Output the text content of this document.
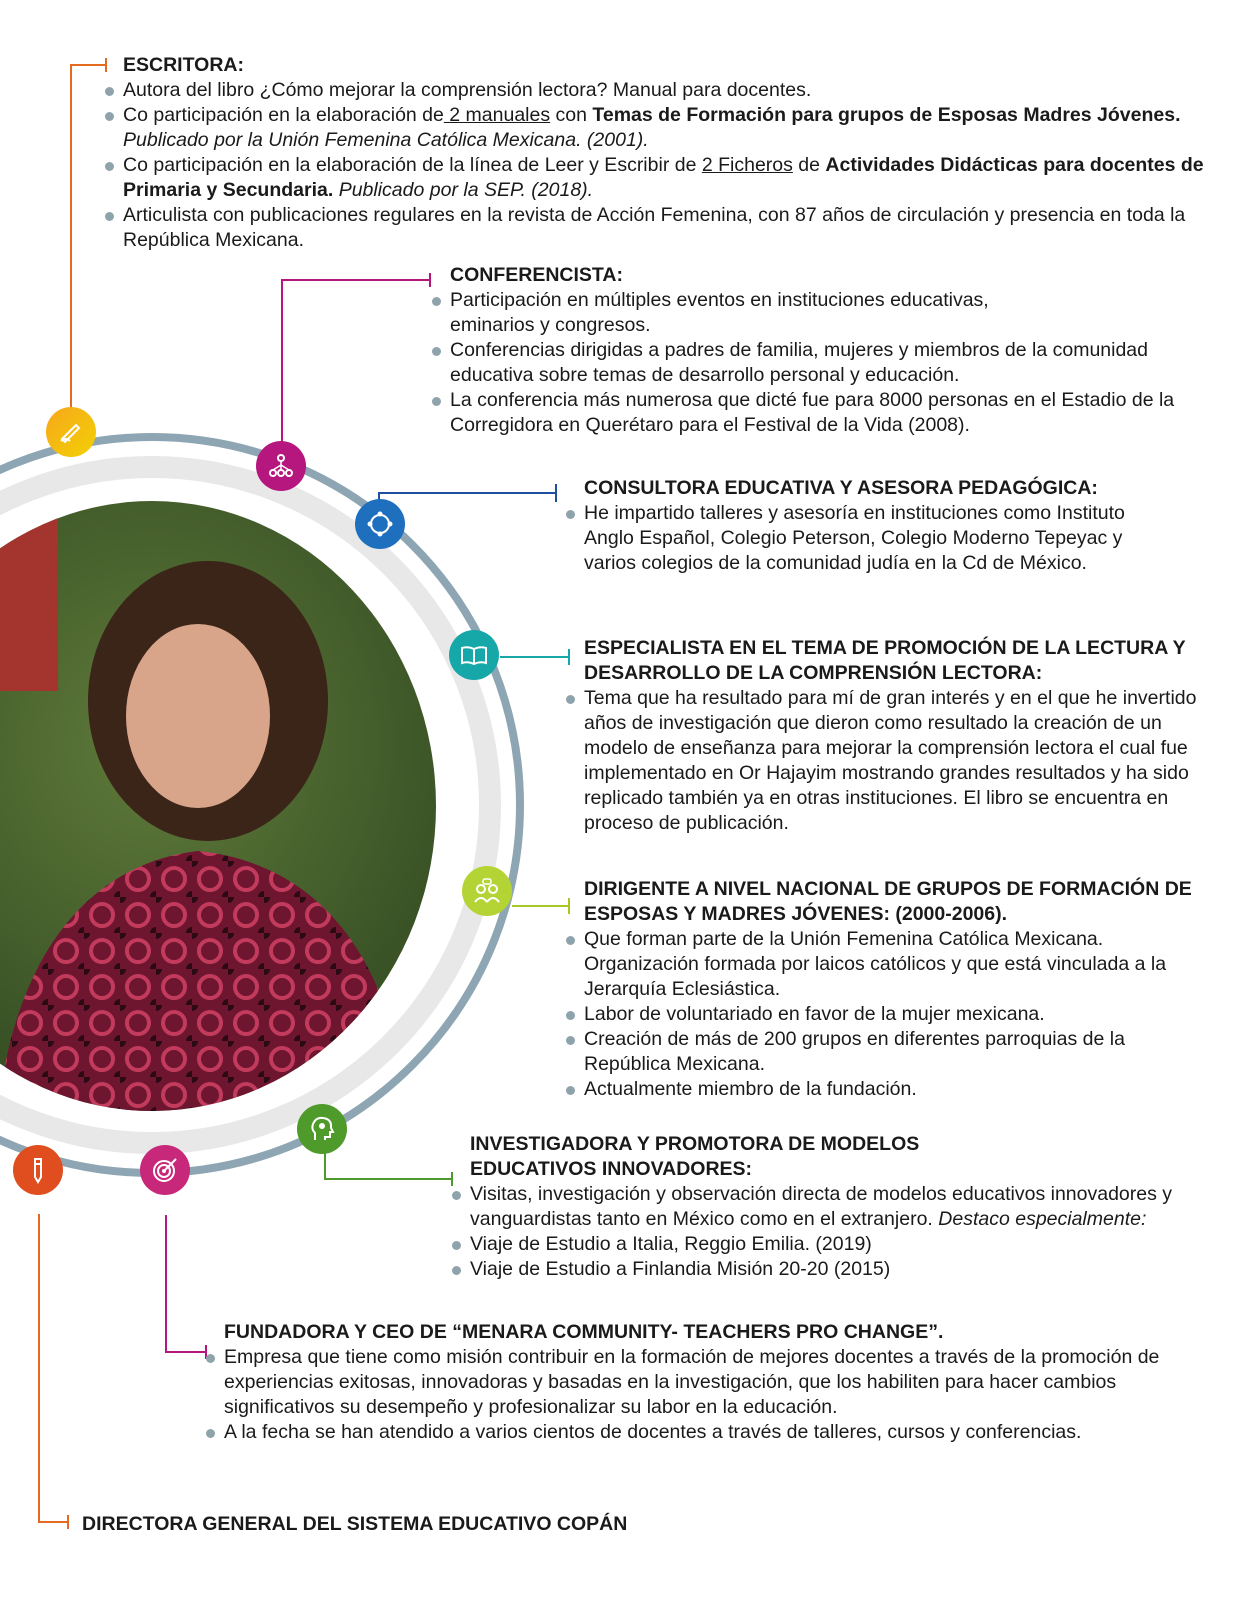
ESCRITORA:
Autora del libro ¿Cómo mejorar la comprensión lectora? Manual para docentes.
Co participación en la elaboración de 2 manuales con Temas de Formación para grupos de Esposas Madres Jóvenes. Publicado por la Unión Femenina Católica Mexicana. (2001).
Co participación en la elaboración de la línea de Leer y Escribir de 2 Ficheros de Actividades Didácticas para docentes de Primaria y Secundaria. Publicado por la SEP. (2018).
Articulista con publicaciones regulares en la revista de Acción Femenina, con 87 años de circulación y presencia en toda la República Mexicana.
CONFERENCISTA:
Participación en múltiples eventos en instituciones educativas, eminarios y congresos.
Conferencias dirigidas a padres de familia, mujeres y miembros de la comunidad educativa sobre temas de desarrollo personal y educación.
La conferencia más numerosa que dicté fue para 8000 personas en el Estadio de la Corregidora en Querétaro para el Festival de la Vida (2008).
CONSULTORA EDUCATIVA Y ASESORA PEDAGÓGICA:
He impartido talleres y asesoría en instituciones como Instituto Anglo Español, Colegio Peterson, Colegio Moderno Tepeyac y varios colegios de la comunidad judía en la Cd de México.
ESPECIALISTA EN EL TEMA DE PROMOCIÓN DE LA LECTURA Y DESARROLLO DE LA COMPRENSIÓN LECTORA:
Tema que ha resultado para mí de gran interés y en el que he invertido años de investigación que dieron como resultado la creación de un modelo de enseñanza para mejorar la comprensión lectora el cual fue implementado en Or Hajayim mostrando grandes resultados y ha sido replicado también ya en otras instituciones. El libro se encuentra en proceso de publicación.
DIRIGENTE A NIVEL NACIONAL DE GRUPOS DE FORMACIÓN DE ESPOSAS Y MADRES JÓVENES: (2000-2006).
Que forman parte de la Unión Femenina Católica Mexicana. Organización formada por laicos católicos y que está vinculada a la Jerarquía Eclesiástica.
Labor de voluntariado en favor de la mujer mexicana.
Creación de más de 200 grupos en diferentes parroquias de la República Mexicana.
Actualmente miembro de la fundación.
INVESTIGADORA Y PROMOTORA DE MODELOS EDUCATIVOS INNOVADORES:
Visitas, investigación y observación directa de modelos educativos innovadores y vanguardistas tanto en México como en el extranjero. Destaco especialmente:
Viaje de Estudio a Italia, Reggio Emilia. (2019)
Viaje de Estudio a Finlandia Misión 20-20 (2015)
FUNDADORA Y CEO DE “MENARA COMMUNITY- TEACHERS PRO CHANGE”.
Empresa que tiene como misión contribuir en la formación de mejores docentes a través de la promoción de experiencias exitosas, innovadoras y basadas en la investigación, que los habiliten para hacer cambios significativos su desempeño y profesionalizar su labor en la educación.
A la fecha se han atendido a varios cientos de docentes a través de talleres, cursos y conferencias.
DIRECTORA GENERAL DEL SISTEMA EDUCATIVO COPÁN
